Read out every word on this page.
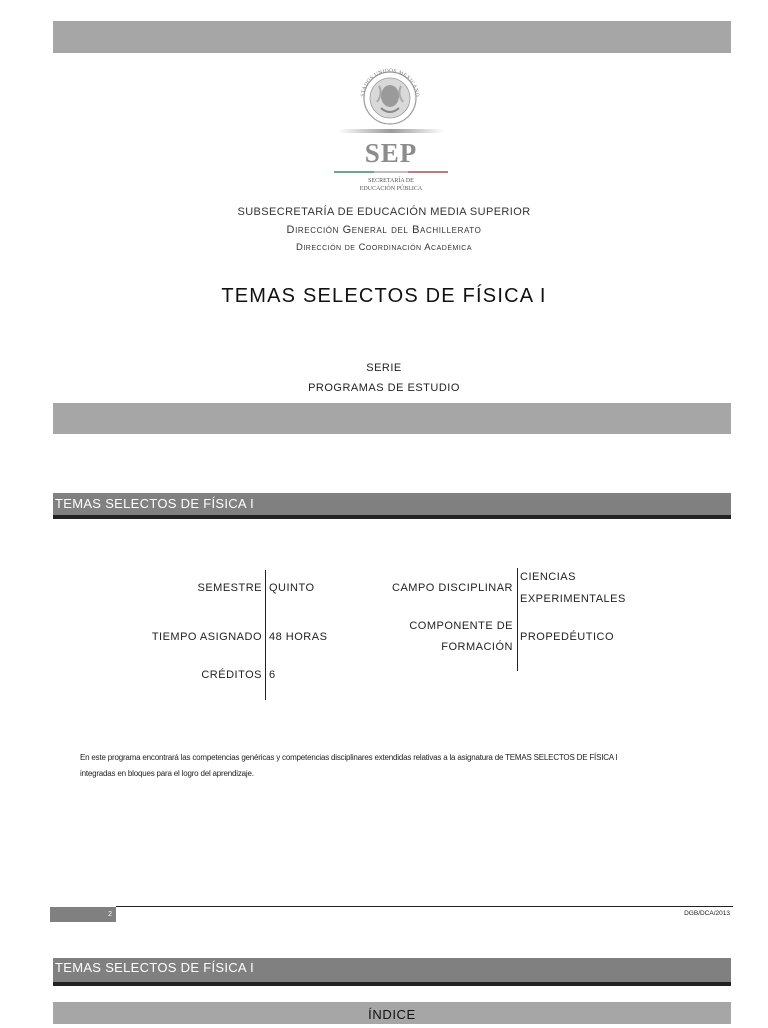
STADOS UNIDOS MEXICANO
SEP
SECRETARÍA DE
EDUCACIÓN PÚBLICA
SUBSECRETARÍA DE EDUCACIÓN MEDIA SUPERIOR
Dirección General del Bachillerato
Dirección de Coordinación Académica
TEMAS SELECTOS DE FÍSICA I
SERIE
PROGRAMAS DE ESTUDIO
TEMAS SELECTOS DE FÍSICA I
SEMESTRE QUINTO
TIEMPO ASIGNADO 48 HORAS
CRÉDITOS 6
CAMPO DISCIPLINAR
CIENCIAS
EXPERIMENTALES
COMPONENTE DE
FORMACIÓN
PROPEDÉUTICO
En este programa encontrará las competencias genéricas y competencias disciplinares extendidas relativas a la asignatura de TEMAS SELECTOS DE FÍSICA I
integradas en bloques para el logro del aprendizaje.
2	DGB/DCA/2013
TEMAS SELECTOS DE FÍSICA I
ÍNDICE
